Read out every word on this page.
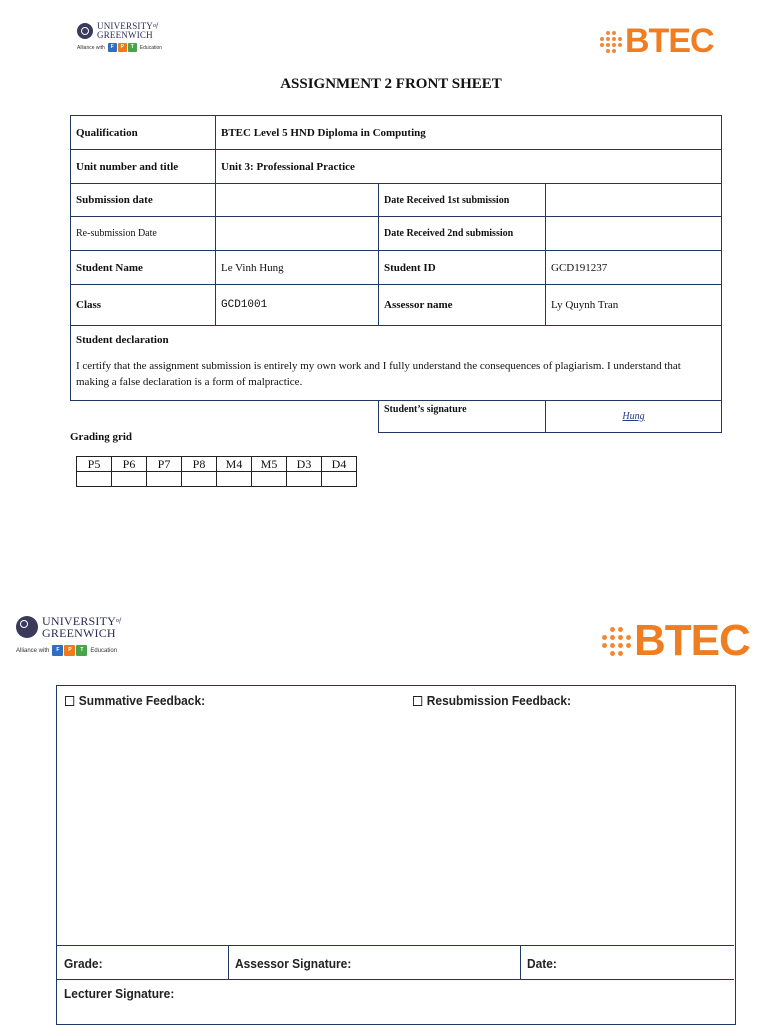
$UNIVERSITY^{of}$
GREENWICH
Alliance with	F	P	T	Education	BTEC
ASSIGNMENT 2 FRONT SHEET
Qualification	BTEC Level 5 HND Diploma in Computing		
Unit number and title	Unit 3: Professional Practice		
Submission date		Date Received 1st submission	
Re-submission Date		Date Received 2nd submission	
Student Name	Le Vinh Hung	Student ID	GCD191237
Class	GCD1001	Assessor name	Ly Quynh Tran

Student declaration
I certify that the assignment submission is entirely my own work and I fully understand the consequences of plagiarism. I understand that making a false declaration is a form of malpractice.			

		Student’s signature	Hung
Grading grid
P5	P6	P7	P8	M4	M5	D3	D4

$UNIVERSITY^{of}$
GREENWICH
Alliance with	F	P	T	Education	BTEC
Summative Feedback:	Resubmission Feedback:
Grade:	Assessor Signature:	Date:
Lecturer Signature:
